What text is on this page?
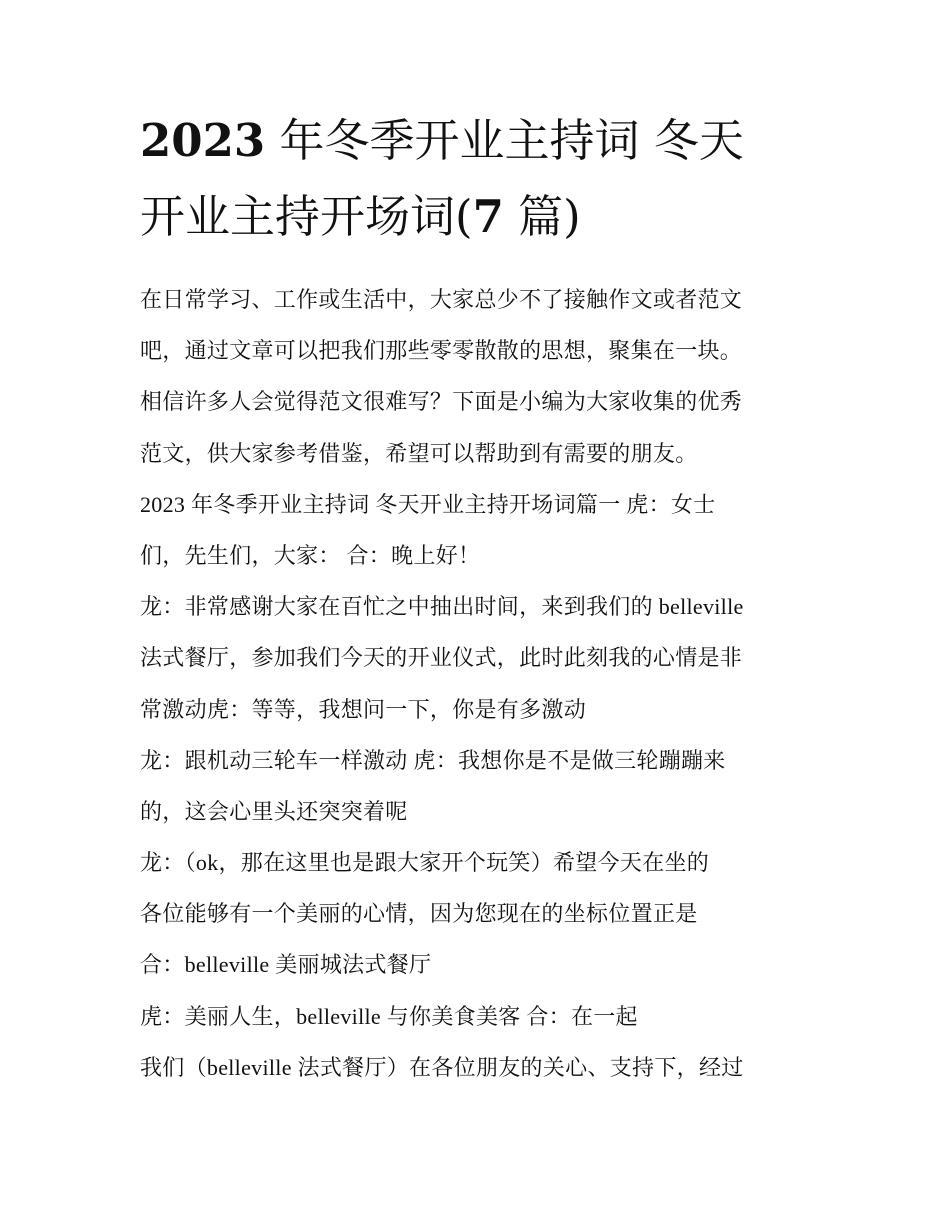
2023 年冬季开业主持词 冬天
开业主持开场词(7 篇)
在日常学习、工作或生活中，大家总少不了接触作文或者范文
吧，通过文章可以把我们那些零零散散的思想，聚集在一块。
相信许多人会觉得范文很难写？下面是小编为大家收集的优秀
范文，供大家参考借鉴，希望可以帮助到有需要的朋友。
2023 年冬季开业主持词 冬天开业主持开场词篇一 虎：女士
们，先生们，大家： 合：晚上好！
龙：非常感谢大家在百忙之中抽出时间，来到我们的 belleville
法式餐厅，参加我们今天的开业仪式，此时此刻我的心情是非
常激动虎：等等，我想问一下，你是有多激动
龙：跟机动三轮车一样激动 虎：我想你是不是做三轮蹦蹦来
的，这会心里头还突突着呢
龙：（ok，那在这里也是跟大家开个玩笑）希望今天在坐的
各位能够有一个美丽的心情，因为您现在的坐标位置正是
合：belleville 美丽城法式餐厅
虎：美丽人生，belleville 与你美食美客 合：在一起
我们（belleville 法式餐厅）在各位朋友的关心、支持下，经过
